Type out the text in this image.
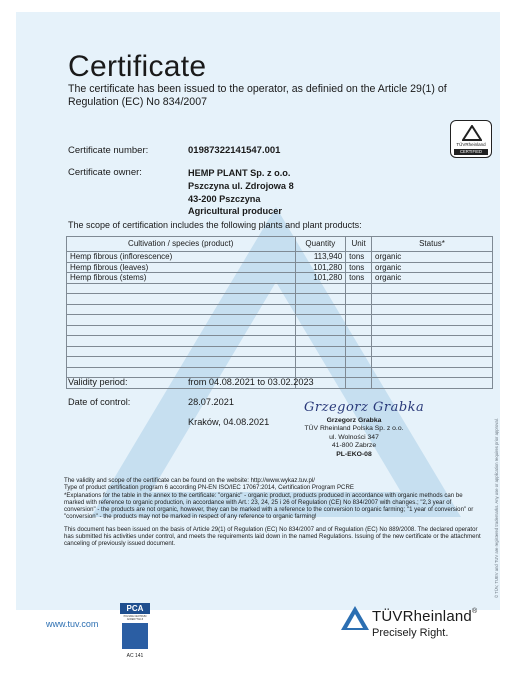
Certificate
The certificate has been issued to the operator, as definied on the Article 29(1) of Regulation (EC) No 834/2007
TÜVRheinland
CERTIFIED
Certificate number:	01987322141547.001
Certificate owner:	HEMP PLANT Sp. z o.o.
Pszczyna ul. Zdrojowa 8
43-200 Pszczyna
Agricultural producer
The scope of certification includes the following plants and plant products:
Cultivation / species (product)	Quantity	Unit	Status*
Hemp fibrous (inflorescence)	113,940	tons	organic
Hemp fibrous (leaves)	101,280	tons	organic
Hemp fibrous (stems)	101,280	tons	organic

Validity period:	from 04.08.2021 to 03.02.2023
Date of control:	28.07.2021
Kraków, 04.08.2021
Grzegorz Grabka
Grzegorz Grabka
TÜV Rheinland Polska Sp. z o.o.
ul. Wolności 347
41-800 Zabrze
PL-EKO-08

The validity and scope of the certificate can be found on the website: http://www.wykaz.tuv.pl/

Type of product certification program 6 according PN-EN ISO/IEC 17067:2014, Certification Program PCRE

*Explanations for the table in the annex to the certificate: "organic" - organic product, products produced in accordance with organic methods can be marked with reference to organic production, in accordance with Art.: 23, 24, 25 i 26 of Regulation (CE) No 834/2007 with changes.; "2,3 year of conversion" - the products are not organic, however, they can be marked with a reference to the conversion to organic farming; "1 year of conversion" or "conversion" - the products may not be marked in respect of any reference to organic farming!

This document has been issued on the basis of Article 29(1) of Regulation (EC) No 834/2007 and of Regulation (EC) No 889/2008. The declared operator has submitted his activities under control, and meets the requirements laid down in the named Regulations. Issuing of the new certificate or the attachment canceling of previously issued document.	© TÜV, TUEV and TUV are registered trademarks. Any use or application requires prior approval.
www.tuv.com
PCA
POLSKIE CENTRUM AKREDYTACJI
AC 141
TÜVRheinland®
Precisely Right.
